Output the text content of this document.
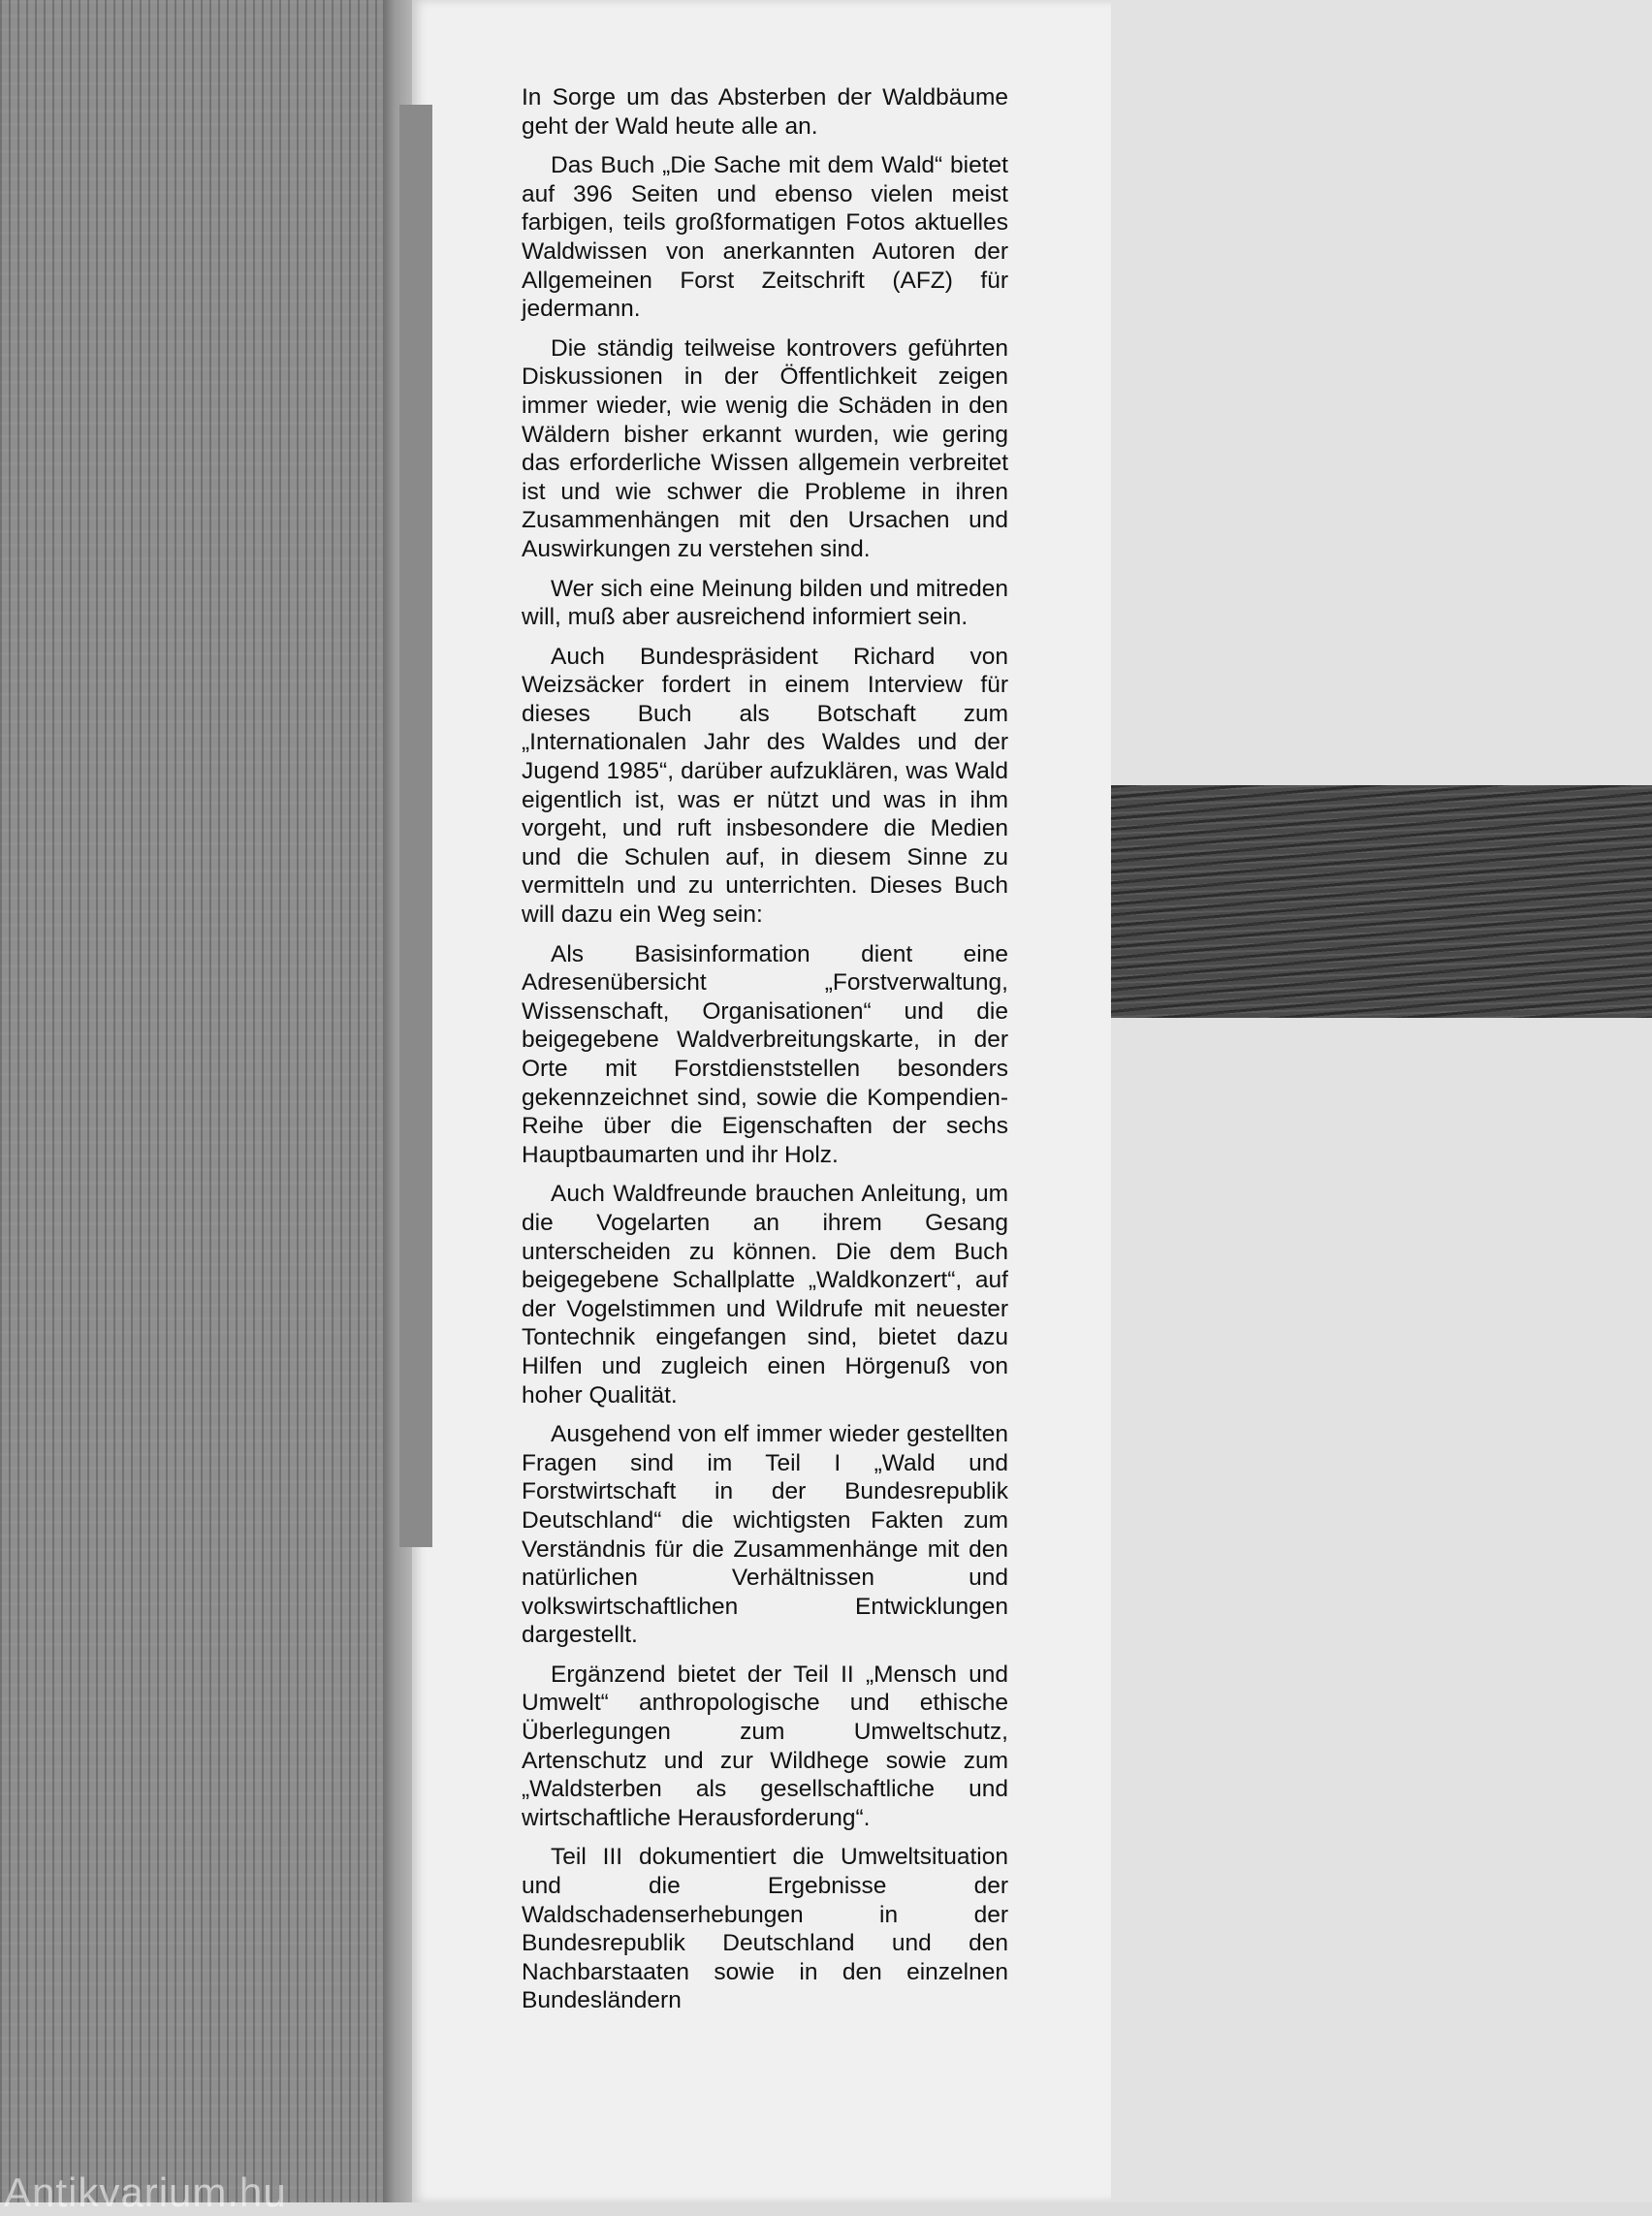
In Sorge um das Absterben der Waldbäume geht der Wald heute alle an.

Das Buch „Die Sache mit dem Wald“ bietet auf 396 Seiten und ebenso vielen meist farbigen, teils großformatigen Fotos aktuelles Waldwissen von anerkannten Autoren der Allgemeinen Forst Zeitschrift (AFZ) für jedermann.

Die ständig teilweise kontrovers geführten Diskussionen in der Öffentlichkeit zeigen immer wieder, wie wenig die Schäden in den Wäldern bisher erkannt wurden, wie gering das erforderliche Wissen allgemein verbreitet ist und wie schwer die Probleme in ihren Zusammenhängen mit den Ursachen und Auswirkungen zu verstehen sind.

Wer sich eine Meinung bilden und mitreden will, muß aber ausreichend informiert sein.

Auch Bundespräsident Richard von Weizsäcker fordert in einem Interview für dieses Buch als Botschaft zum „Internationalen Jahr des Waldes und der Jugend 1985“, darüber aufzuklären, was Wald eigentlich ist, was er nützt und was in ihm vorgeht, und ruft insbesondere die Medien und die Schulen auf, in diesem Sinne zu vermitteln und zu unterrichten. Dieses Buch will dazu ein Weg sein:

Als Basisinformation dient eine Adresenübersicht „Forstverwaltung, Wissenschaft, Organisationen“ und die beigegebene Waldverbreitungskarte, in der Orte mit Forstdienststellen besonders gekennzeichnet sind, sowie die Kompendien-Reihe über die Eigenschaften der sechs Hauptbaumarten und ihr Holz.

Auch Waldfreunde brauchen Anleitung, um die Vogelarten an ihrem Gesang unterscheiden zu können. Die dem Buch beigegebene Schallplatte „Waldkonzert“, auf der Vogelstimmen und Wildrufe mit neuester Tontechnik eingefangen sind, bietet dazu Hilfen und zugleich einen Hörgenuß von hoher Qualität.

Ausgehend von elf immer wieder gestellten Fragen sind im Teil I „Wald und Forstwirtschaft in der Bundesrepublik Deutschland“ die wichtigsten Fakten zum Verständnis für die Zusammenhänge mit den natürlichen Verhältnissen und volkswirtschaftlichen Entwicklungen dargestellt.

Ergänzend bietet der Teil II „Mensch und Umwelt“ anthropologische und ethische Überlegungen zum Umweltschutz, Artenschutz und zur Wildhege sowie zum „Waldsterben als gesellschaftliche und wirtschaftliche Herausforderung“.

Teil III dokumentiert die Umweltsituation und die Ergebnisse der Waldschadenserhebungen in der Bundesrepublik Deutschland und den Nachbarstaaten sowie in den einzelnen Bundesländern

Antikvarium.hu
